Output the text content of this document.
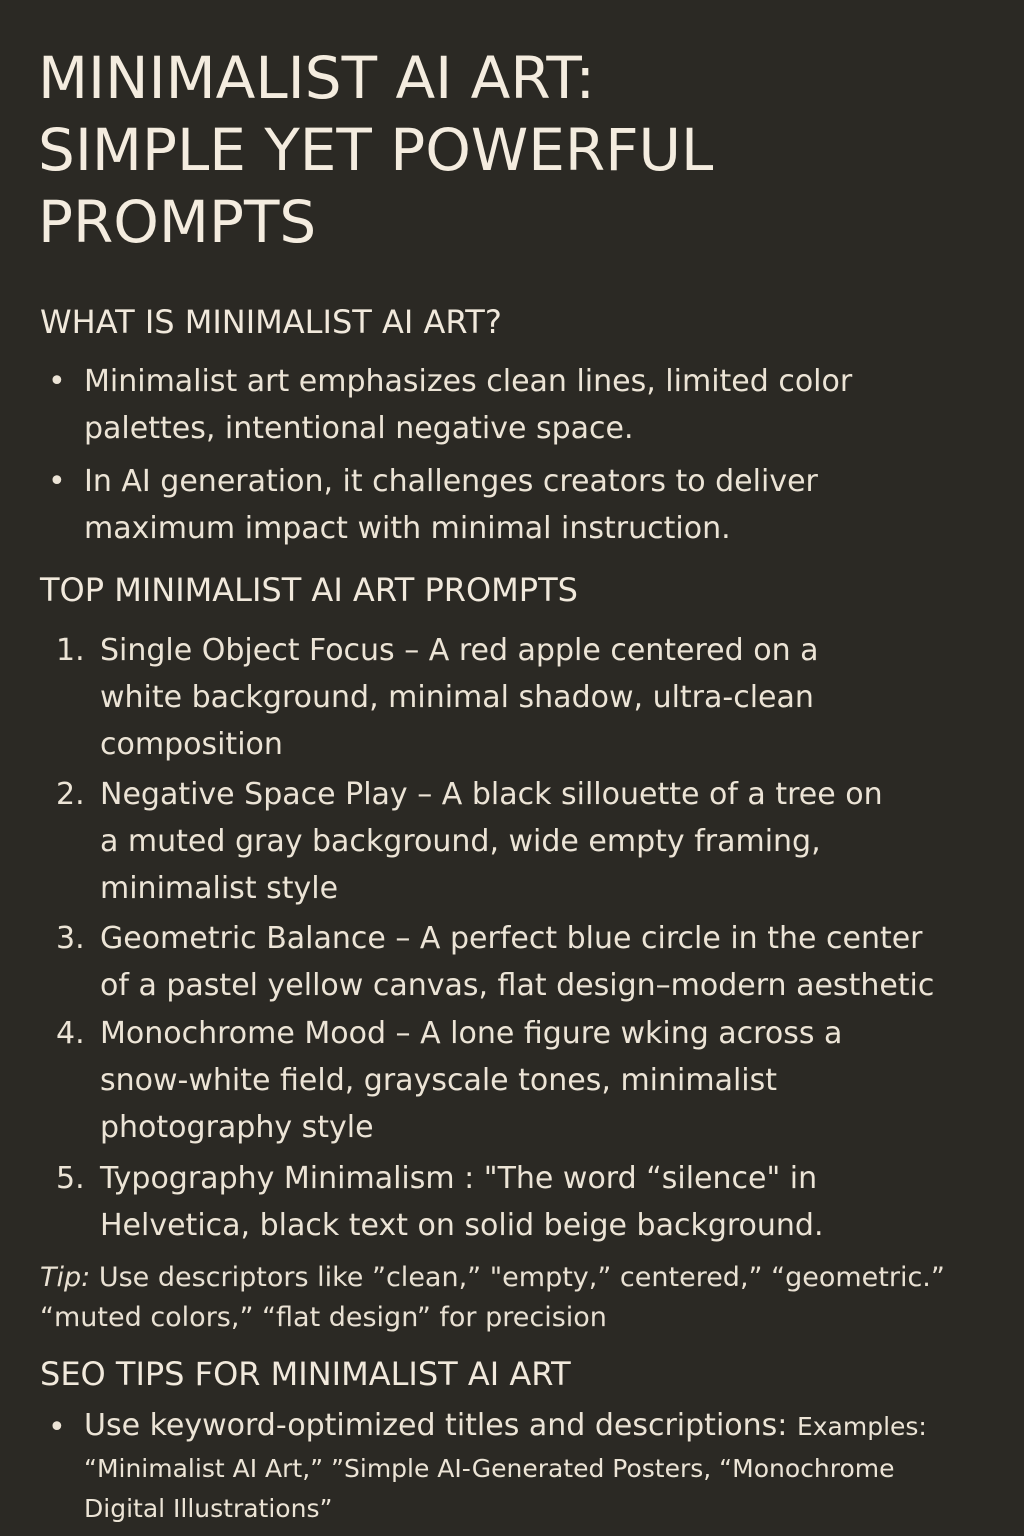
MINIMALIST AI ART:
SIMPLE YET POWERFUL
PROMPTS
WHAT IS MINIMALIST AI ART?
• Minimalist art emphasizes clean lines, limited color
palettes, intentional negative space.

• In AI generation, it challenges creators to deliver
maximum impact with minimal instruction.

TOP MINIMALIST AI ART PROMPTS
1. Single Object Focus – A red apple centered on a
white background, minimal shadow, ultra-clean
composition

2. Negative Space Play – A black sillouette of a tree on
a muted gray background, wide empty framing,
minimalist style

3. Geometric Balance – A perfect blue circle in the center
of a pastel yellow canvas, flat design–modern aesthetic

4. Monochrome Mood – A lone figure wking across a
snow-white field, grayscale tones, minimalist
photography style

5. Typography Minimalism : "The word “silence" in
Helvetica, black text on solid beige background.

Tip: Use descriptors like ”clean,” "empty,” centered,” “geometric.”
“muted colors,” “flat design” for precision
SEO TIPS FOR MINIMALIST AI ART
• Use keyword-optimized titles and descriptions: Examples:
“Minimalist AI Art,” ”Simple AI-Generated Posters, “Monochrome
Digital Illustrations”
